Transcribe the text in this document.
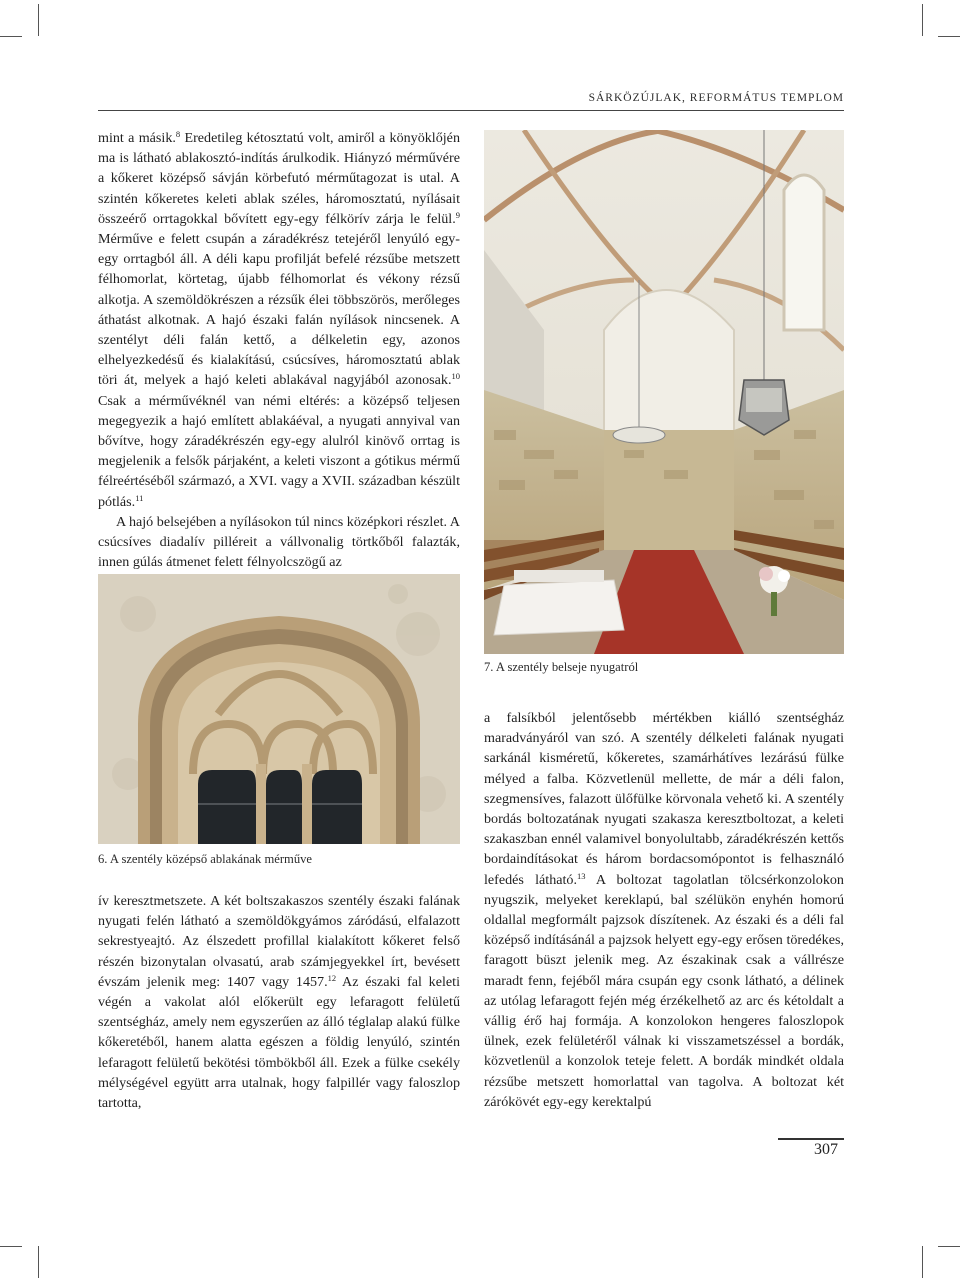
SÁRKÖZÚJLAK, REFORMÁTUS TEMPLOM

mint a másik.$^8$ Eredetileg kétosztatú volt, amiről a könyöklőjén ma is látható ablakosztó-indítás árulkodik. Hiányzó mérművére a kőkeret középső sávján körbefutó mérműtagozat is utal. A szintén kőkeretes keleti ablak széles, háromosztatú, nyílásait összeérő orrtagokkal bővített egy-egy félkörív zárja le felül.$^9$ Mérműve e felett csupán a záradékrész tetejéről lenyúló egy-egy orrtagból áll. A déli kapu profilját befelé rézsűbe metszett félhomorlat, körtetag, újabb félhomorlat és vékony rézsű alkotja. A szemöldökrészen a rézsűk élei többszörös, merőleges áthatást alkotnak. A hajó északi falán nyílások nincsenek. A szentélyt déli falán kettő, a délkeletin egy, azonos elhelyezkedésű és kialakítású, csúcsíves, háromosztatú ablak töri át, melyek a hajó keleti ablakával nagyjából azonosak.$^{10}$ Csak a mérművéknél van némi eltérés: a középső teljesen megegyezik a hajó említett ablakáéval, a nyugati annyival van bővítve, hogy záradékrészén egy-egy alulról kinövő orrtag is megjelenik a felsők párjaként, a keleti viszont a gótikus mérmű félreértéséből származó, a XVI. vagy a XVII. században készült pótlás.$^{11}$

A hajó belsejében a nyílásokon túl nincs középkori részlet. A csúcsíves diadalív pilléreit a vállvonalig törtkőből falazták, innen gúlás átmenet felett félnyolcszögű az

7. A szentély belseje nyugatról
6. A szentély középső ablakának mérműve

ív keresztmetszete. A két boltszakaszos szentély északi falának nyugati felén látható a szemöldökgyámos záródású, elfalazott sekrestyeajtó. Az élszedett profillal kialakított kőkeret felső részén bizonytalan olvasatú, arab számjegyekkel írt, bevésett évszám jelenik meg: 1407 vagy 1457.12 Az északi fal keleti végén a vakolat alól előkerült egy lefaragott felületű szentségház, amely nem egyszerűen az álló téglalap alakú fülke kőkeretéből, hanem alatta egészen a földig lenyúló, szintén lefaragott felületű bekötési tömbökből áll. Ezek a fülke csekély mélységével együtt arra utalnak, hogy falpillér vagy faloszlop tartotta,

a falsíkból jelentősebb mértékben kiálló szentségház maradványáról van szó. A szentély délkeleti falának nyugati sarkánál kisméretű, kőkeretes, szamárhátíves lezárású fülke mélyed a falba. Közvetlenül mellette, de már a déli falon, szegmensíves, falazott ülőfülke körvonala vehető ki. A szentély bordás boltozatának nyugati szakasza keresztboltozat, a keleti szakaszban ennél valamivel bonyolultabb, záradékrészén kettős bordaindításokat és három bordacsomópontot is felhasználó lefedés látható.$^{13}$ A boltozat tagolatlan tölcsérkonzolokon nyugszik, melyeket kereklapú, bal szélükön enyhén homorú oldallal megformált pajzsok díszítenek. Az északi és a déli fal középső indításánál a pajzsok helyett egy-egy erősen töredékes, faragott büszt jelenik meg. Az északinak csak a vállrésze maradt fenn, fejéből mára csupán egy csonk látható, a délinek az utólag lefaragott fején még érzékelhető az arc és kétoldalt a vállig érő haj formája. A konzolokon hengeres faloszlopok ülnek, ezek felületéről válnak ki visszametszéssel a bordák, közvetlenül a konzolok teteje felett. A bordák mindkét oldala rézsűbe metszett homorlattal van tagolva. A boltozat két zárókövét egy-egy kerektalpú

307
